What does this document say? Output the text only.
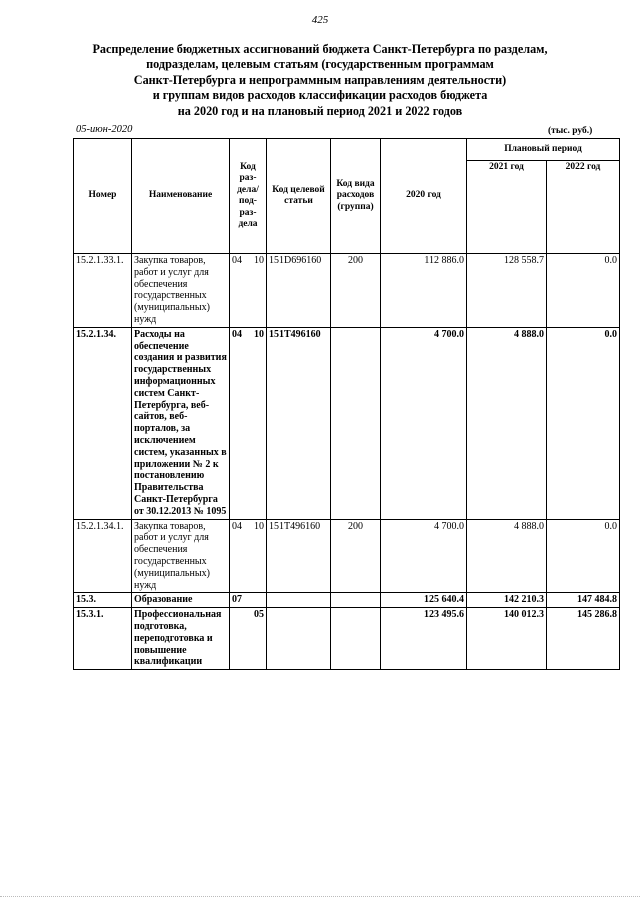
425
Распределение бюджетных ассигнований бюджета Санкт-Петербурга по разделам,
подразделам, целевым статьям (государственным программам
Санкт-Петербурга и непрограммным направлениям деятельности)
и группам видов расходов классификации расходов бюджета
на 2020 год и на плановый период 2021 и 2022 годов
05-июн-2020	(тыс. руб.)
Номер	Наименование	Код раз-дела/ под-раз-дела	Код целевой статьи	Код вида расходов (группа)	2020 год	Плановый период	
						2021 год	2022 год
15.2.1.33.1.	Закупка товаров, работ и услуг для обеспечения государственных (муниципальных) нужд	04 10	151D696160	200	112 886.0	128 558.7	0.0
15.2.1.34.	Расходы на обеспечение создания и развития государственных информационных систем Санкт-Петербурга, веб-сайтов, веб-порталов, за исключением систем, указанных в приложении № 2 к постановлению Правительства Санкт-Петербурга от 30.12.2013 № 1095	04 10	151T496160		4 700.0	4 888.0	0.0
15.2.1.34.1.	Закупка товаров, работ и услуг для обеспечения государственных (муниципальных) нужд	04 10	151T496160	200	4 700.0	4 888.0	0.0
15.3.	Образование	07			125 640.4	142 210.3	147 484.8
15.3.1.	Профессиональная подготовка, переподготовка и повышение квалификации	05			123 495.6	140 012.3	145 286.8
